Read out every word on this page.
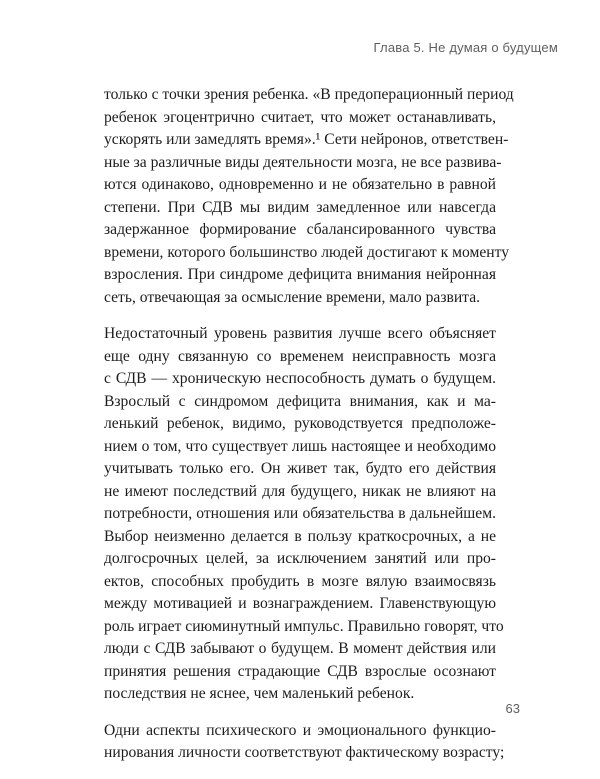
Глава 5. Не думая о будущем
только с точки зрения ребенка. «В предоперационный период
ребенок эгоцентрично считает, что может останавливать,
ускорять или замедлять время».¹ Сети нейронов, ответствен-
ные за различные виды деятельности мозга, не все развива-
ются одинаково, одновременно и не обязательно в равной
степени. При СДВ мы видим замедленное или навсегда
задержанное формирование сбалансированного чувства
времени, которого большинство людей достигают к моменту
взросления. При синдроме дефицита внимания нейронная
сеть, отвечающая за осмысление времени, мало развита.
Недостаточный уровень развития лучше всего объясняет
еще одну связанную со временем неисправность мозга
с СДВ — хроническую неспособность думать о будущем.
Взрослый с синдромом дефицита внимания, как и ма-
ленький ребенок, видимо, руководствуется предположе-
нием о том, что существует лишь настоящее и необходимо
учитывать только его. Он живет так, будто его действия
не имеют последствий для будущего, никак не влияют на
потребности, отношения или обязательства в дальнейшем.
Выбор неизменно делается в пользу краткосрочных, а не
долгосрочных целей, за исключением занятий или про-
ектов, способных пробудить в мозге вялую взаимосвязь
между мотивацией и вознаграждением. Главенствующую
роль играет сиюминутный импульс. Правильно говорят, что
люди с СДВ забывают о будущем. В момент действия или
принятия решения страдающие СДВ взрослые осознают
последствия не яснее, чем маленький ребенок.
Одни аспекты психического и эмоционального функцио-
нирования личности соответствуют фактическому возрасту;
63
